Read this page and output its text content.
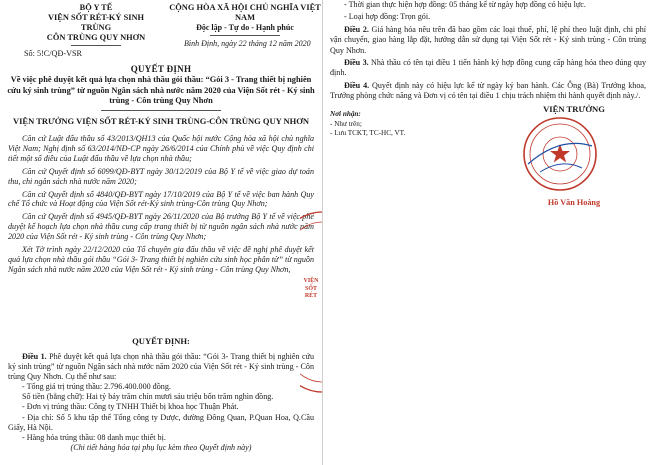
BỘ Y TẾ
VIỆN SỐT RÉT-KÝ SINH TRÙNG
CÔN TRÙNG QUY NHƠN
Số: 5!C/QĐ-VSR
CỘNG HÒA XÃ HỘI CHỦ NGHĨA VIỆT NAM
Độc lập - Tự do - Hạnh phúc
Bình Định, ngày 22 tháng 12 năm 2020
QUYẾT ĐỊNH
Về việc phê duyệt kết quả lựa chọn nhà thầu gói thầu: “Gói 3 - Trang thiết bị nghiên cứu ký sinh trùng” từ nguồn Ngân sách nhà nước năm 2020 của Viện Sốt rét - Ký sinh trùng - Côn trùng Quy Nhơn
VIỆN TRƯỞNG VIỆN SỐT RÉT-KÝ SINH TRÙNG-CÔN TRÙNG QUY NHƠN

Căn cứ Luật đấu thầu số 43/2013/QH13 của Quốc hội nước Cộng hòa xã hội chủ nghĩa Việt Nam; Nghị định số 63/2014/NĐ-CP ngày 26/6/2014 của Chính phủ về việc Quy định chi tiết một số điều của Luật đấu thầu về lựa chọn nhà thầu;

Căn cứ Quyết định số 6099/QĐ-BYT ngày 30/12/2019 của Bộ Y tế về việc giao dự toán thu, chi ngân sách nhà nước năm 2020;

Căn cứ Quyết định số 4840/QĐ-BYT ngày 17/10/2019 của Bộ Y tế về việc ban hành Quy chế Tổ chức và Hoạt động của Viện Sốt rét-Ký sinh trùng-Côn trùng Quy Nhơn;

Căn cứ Quyết định số 4945/QĐ-BYT ngày 26/11/2020 của Bộ trưởng Bộ Y tế về việc phê duyệt kế hoạch lựa chọn nhà thầu cung cấp trang thiết bị từ nguồn ngân sách nhà nước năm 2020 của Viện Sốt rét - Ký sinh trùng - Côn trùng Quy Nhơn;

Xét Tờ trình ngày 22/12/2020 của Tổ chuyên gia đấu thầu về việc đề nghị phê duyệt kết quả lựa chọn nhà thầu gói thầu “Gói 3- Trang thiết bị nghiên cứu sinh học phân tử” từ nguồn Ngân sách nhà nước năm 2020 của Viện Sốt rét - Ký sinh trùng - Côn trùng Quy Nhơn,

QUYẾT ĐỊNH:

Điều 1. Phê duyệt kết quả lựa chọn nhà thầu gói thầu: “Gói 3- Trang thiết bị nghiên cứu ký sinh trùng” từ nguồn Ngân sách nhà nước năm 2020 của Viện Sốt rét - Ký sinh trùng - Côn trùng Quy Nhơn. Cụ thể như sau:

- Tổng giá trị trúng thầu: 2.796.400.000 đồng.

Số tiền (bằng chữ): Hai tỷ bảy trăm chín mươi sáu triệu bốn trăm nghìn đồng.

- Đơn vị trúng thầu: Công ty TNHH Thiết bị khoa học Thuận Phát.

- Địa chỉ: Số 5 khu tập thể Tổng công ty Dược, đường Đông Quan, P.Quan Hoa, Q.Cầu Giấy, Hà Nội.

- Hàng hóa trúng thầu: 08 danh mục thiết bị.

(Chi tiết hàng hóa tại phụ lục kèm theo Quyết định này)

VIỆN
SỐT RÉT

- Thời gian thực hiện hợp đồng: 05 tháng kể từ ngày hợp đồng có hiệu lực.

- Loại hợp đồng: Trọn gói.

Điều 2. Giá hàng hóa nêu trên đã bao gồm các loại thuế, phí, lệ phí theo luật định, chi phí vận chuyển, giao hàng lắp đặt, hướng dẫn sử dụng tại Viện Sốt rét - Ký sinh trùng - Côn trùng Quy Nhơn.

Điều 3. Nhà thầu có tên tại điều 1 tiến hành ký hợp đồng cung cấp hàng hóa theo đúng quy định.

Điều 4. Quyết định này có hiệu lực kể từ ngày ký ban hành. Các Ông (Bà) Trưởng khoa, Trưởng phòng chức năng và Đơn vị có tên tại điều 1 chịu trách nhiệm thi hành quyết định này./.

Nơi nhận:
- Như trên;
- Lưu TCKT, TC-HC, VT.
VIỆN TRƯỞNG
Hồ Văn Hoàng
